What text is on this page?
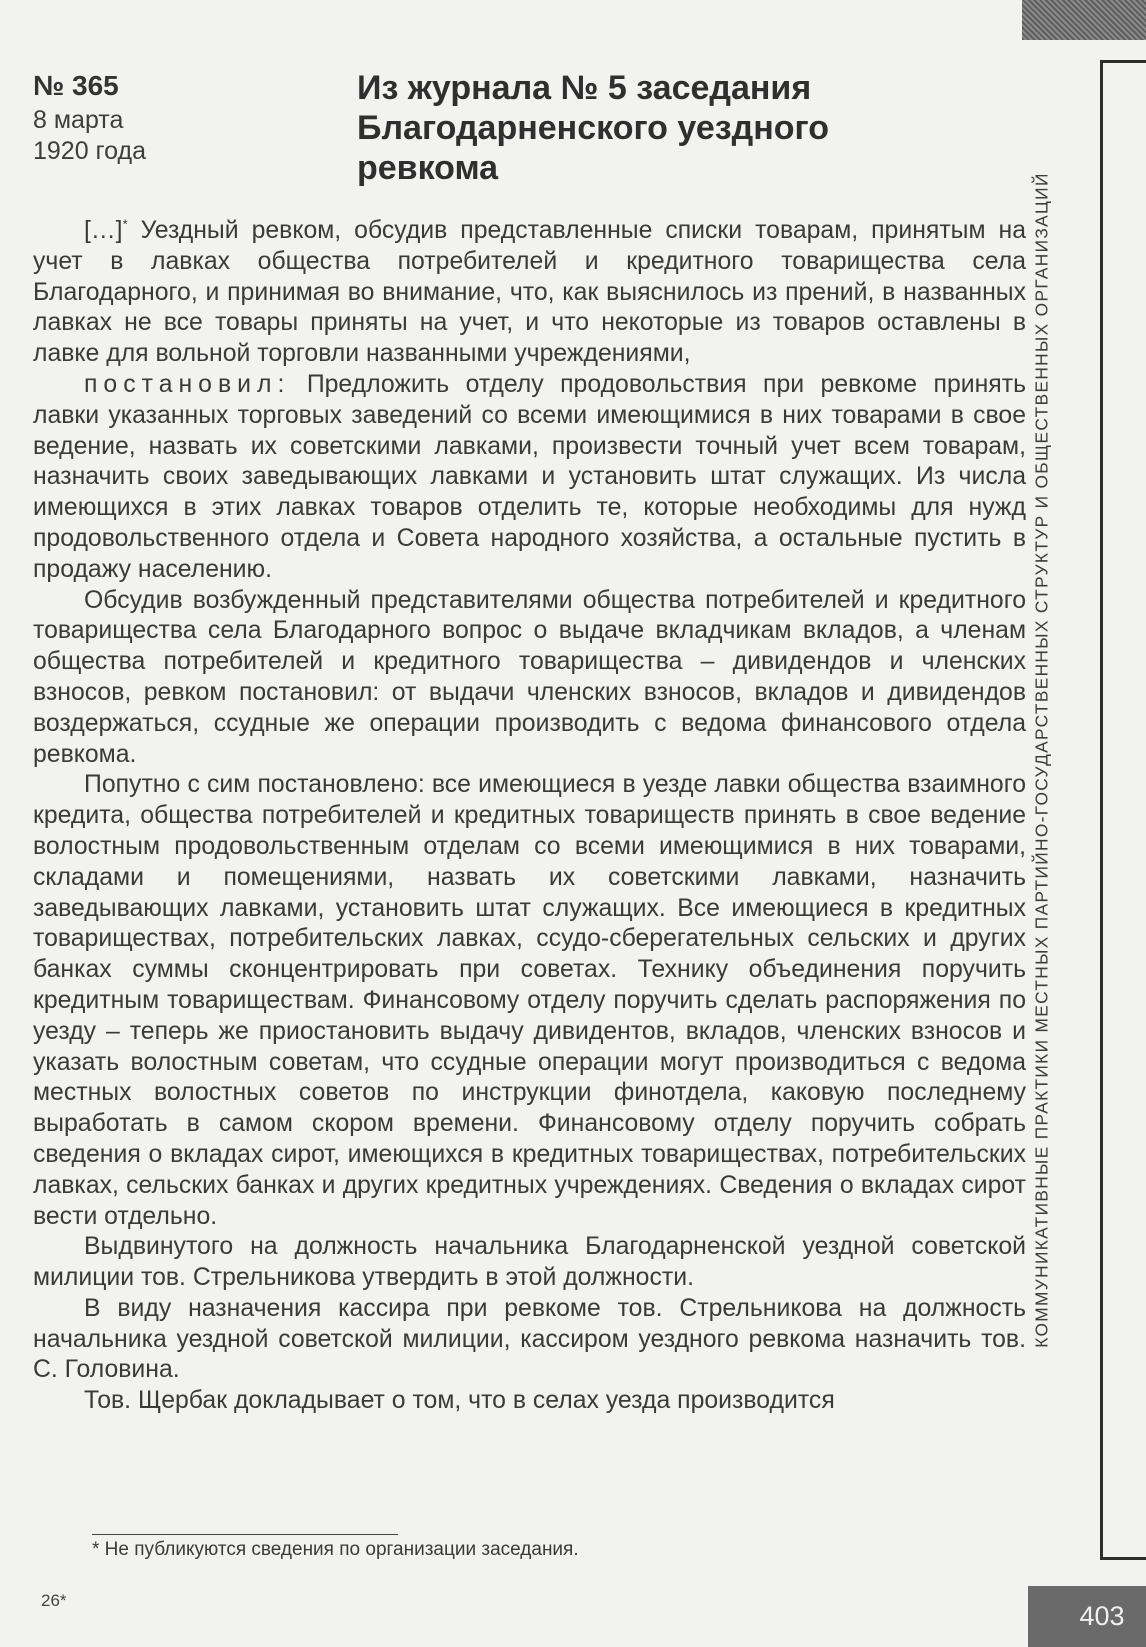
КОММУНИКАТИВНЫЕ ПРАКТИКИ МЕСТНЫХ ПАРТИЙНО-ГОСУДАРСТВЕННЫХ СТРУКТУР И ОБЩЕСТВЕННЫХ ОРГАНИЗАЦИЙ
№ 365
8 марта
1920 года
Из журнала № 5 заседания
Благодарненского уездного
ревкома

[…]* Уездный ревком, обсудив представленные списки товарам, принятым на учет в лавках общества потребителей и кредитного товарищества села Благодарного, и принимая во внимание, что, как выяснилось из прений, в названных лавках не все товары приняты на учет, и что некоторые из товаров оставлены в лавке для вольной торговли названными учреждениями,

постановил: Предложить отделу продовольствия при ревкоме принять лавки указанных торговых заведений со всеми имеющимися в них товарами в свое ведение, назвать их советскими лавками, произвести точный учет всем товарам, назначить своих заведывающих лавками и установить штат служащих. Из числа имеющихся в этих лавках товаров отделить те, которые необходимы для нужд продовольственного отдела и Совета народного хозяйства, а остальные пустить в продажу населению.

Обсудив возбужденный представителями общества потребителей и кредитного товарищества села Благодарного вопрос о выдаче вкладчикам вкладов, а членам общества потребителей и кредитного товарищества – дивидендов и членских взносов, ревком постановил: от выдачи членских взносов, вкладов и дивидендов воздержаться, ссудные же операции производить с ведома финансового отдела ревкома.

Попутно с сим постановлено: все имеющиеся в уезде лавки общества взаимного кредита, общества потребителей и кредитных товариществ принять в свое ведение волостным продовольственным отделам со всеми имеющимися в них товарами, складами и помещениями, назвать их советскими лавками, назначить заведывающих лавками, установить штат служащих. Все имеющиеся в кредитных товариществах, потребительских лавках, ссудо-сберегательных сельских и других банках суммы сконцентрировать при советах. Технику объединения поручить кредитным товариществам. Финансовому отделу поручить сделать распоряжения по уезду – теперь же приостановить выдачу дивидентов, вкладов, членских взносов и указать волостным советам, что ссудные операции могут производиться с ведома местных волостных советов по инструкции финотдела, каковую последнему выработать в самом скором времени. Финансовому отделу поручить собрать сведения о вкладах сирот, имеющихся в кредитных товариществах, потребительских лавках, сельских банках и других кредитных учреждениях. Сведения о вкладах сирот вести отдельно.

Выдвинутого на должность начальника Благодарненской уездной советской милиции тов. Стрельникова утвердить в этой должности.

В виду назначения кассира при ревкоме тов. Стрельникова на должность начальника уездной советской милиции, кассиром уездного ревкома назначить тов. С. Головина.

Тов. Щербак докладывает о том, что в селах уезда производится

* Не публикуются сведения по организации заседания.
26*
403
